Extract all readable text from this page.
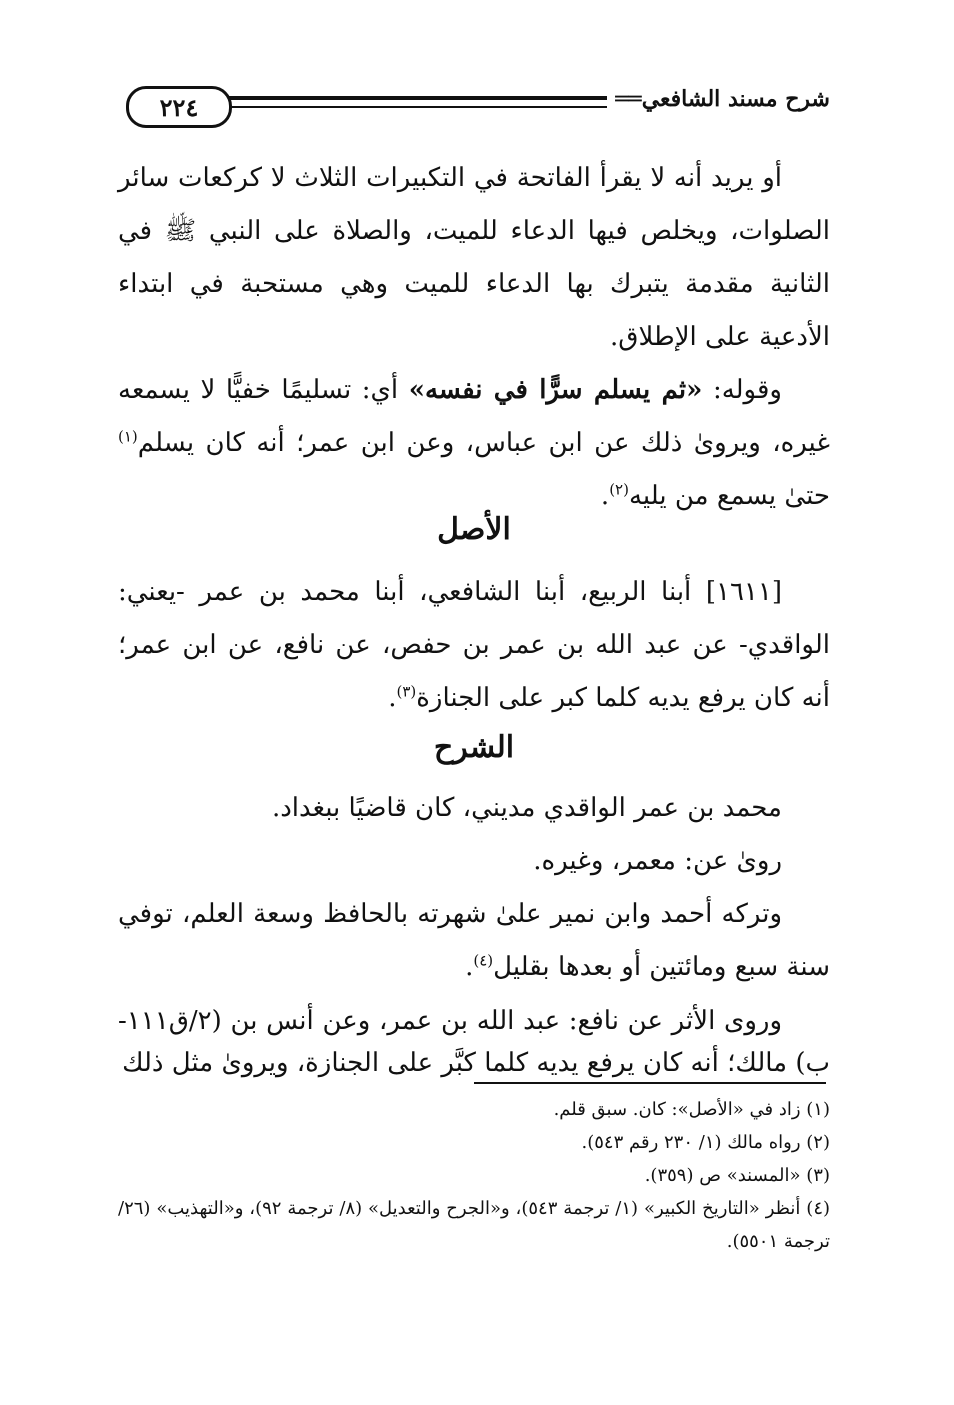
٢٢٤	شرح مسند الشافعي══

أو يريد أنه لا يقرأ الفاتحة في التكبيرات الثلاث لا كركعات سائر الصلوات، ويخلص فيها الدعاء للميت، والصلاة على النبي ﷺ في الثانية مقدمة يتبرك بها الدعاء للميت وهي مستحبة في ابتداء الأدعية على الإطلاق.

وقوله: «ثم يسلم سرًّا في نفسه» أي: تسليمًا خفيًّا لا يسمعه غيره، ويروىٰ ذلك عن ابن عباس، وعن ابن عمر؛ أنه كان يسلم$^{(١)}$ حتىٰ يسمع من يليه$^{(٢)}$.

الأصل

[١٦١١] أبنا الربيع، أبنا الشافعي، أبنا محمد بن عمر -يعني: الواقدي- عن عبد الله بن عمر بن حفص، عن نافع، عن ابن عمر؛ أنه كان يرفع يديه كلما كبر على الجنازة$^{(٣)}$.

الشرح

محمد بن عمر الواقدي مديني، كان قاضيًا ببغداد.

روىٰ عن: معمر، وغيره.

وتركه أحمد وابن نمير علىٰ شهرته بالحافظ وسعة العلم، توفي سنة سبع ومائتين أو بعدها بقليل$^{(٤)}$.

وروى الأثر عن نافع: عبد الله بن عمر، وعن أنس بن (٢/ق١١١-ب) مالك؛ أنه كان يرفع يديه كلما كبَّر على الجنازة، ويروىٰ مثل ذلك

(١) زاد في «الأصل»: كان. سبق قلم.

(٢) رواه مالك (١/ ٢٣٠ رقم ٥٤٣).

(٣) «المسند» ص (٣٥٩).

(٤) أنظر «التاريخ الكبير» (١/ ترجمة ٥٤٣)، و«الجرح والتعديل» (٨/ ترجمة ٩٢)، و«التهذيب» (٢٦/ ترجمة ٥٥٠١).
